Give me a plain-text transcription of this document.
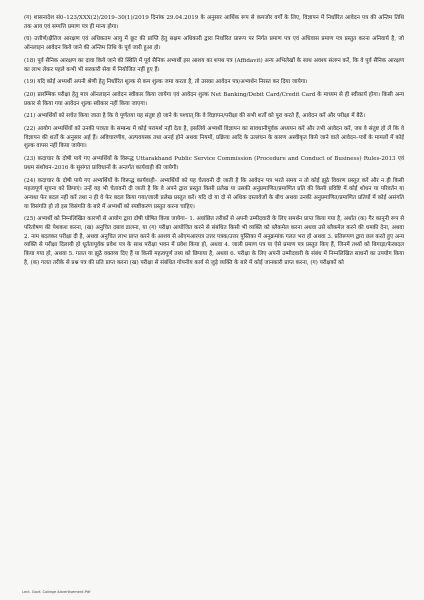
(ग) शासनादेश सं0–123/XXX(2)/2019–30(1)/2019 दिनांक 29.04.2019 के अनुसार आर्थिक रूप से कमजोर वर्गों के लिए, विज्ञापन में निर्धारित आवेदन पत्र की अन्तिम तिथि तक आय एवं सम्पत्ति प्रमाण पत्र ही मान्य होगा।

(घ) उत्तीर्ण/क्षैतिज आरक्षण एवं अधिकतम आयु में छूट की प्राप्ति हेतु सक्षम अधिकारी द्वारा निर्धारित प्रारूप पर निर्गत प्रमाण पत्र एवं अधिवास प्रमाण पत्र प्रस्तुत करना अनिवार्य है, जो ऑनलाइन आवेदन किये जाने की अन्तिम तिथि के पूर्व जारी हुआ हो।

(18) पूर्व सैनिक आरक्षण का दावा किये जाने की स्थिति में पूर्व सैनिक अभ्यर्थी इस आशय का शपथ पत्र (Affidavit) अन्य अभिलेखों के साथ अवश्य संलग्न करें, कि वे पूर्व सैनिक आरक्षण का लाभ लेकर पहले कभी भी सरकारी सेवा में नियोजित नहीं हुए हैं।

(19) यदि कोई अभ्यर्थी अपनी श्रेणी हेतु निर्धारित शुल्क से कम शुल्क जमा करता है, तो उसका आवेदन पत्र/अभ्यर्थन निरस्त कर दिया जायेगा।

(20) प्रारम्भिक परीक्षा हेतु मात्र ऑनलाइन आवेदन स्वीकार किया जायेगा एवं आवेदन शुल्क Net Banking/Debit Card/Credit Card के माध्यम से ही स्वीकार्य होगा। किसी अन्य प्रकार से किया गया आवेदन शुल्क स्वीकार नहीं किया जाएगा।

(21) अभ्यर्थियों को सचेत किया जाता है कि वे पूर्णतया यह संतुष्ट हो जाने के पश्चात् कि वे विज्ञापन/परीक्षा की सभी शर्तों को पूरा करते हैं, आवेदन करें और परीक्षा में बैठें।

(22) आयोग अभ्यर्थियों को उनकी पात्रता के सम्बन्ध में कोई परामर्श नहीं देता है, इसलिये अभ्यर्थी विज्ञापन का सावधानीपूर्वक अध्ययन करें और तभी आवेदन करें, जब वे संतुष्ट हो लें कि वे विज्ञापन की शर्तों के अनुसार अर्ह हैं। अविचारणीय, अल्पवयस्क तथा अनर्ह होने अथवा नियमों, प्रक्रिया आदि के उल्लंघन के कारण अस्वीकृत किये जाने वाले आवेदन–पत्रों के मामलों में कोई शुल्क वापस नहीं किया जायेगा।

(23) कदाचार के दोषी पाये गए अभ्यर्थियों के विरूद्ध Uttarakhand Public Service Commission (Procedure and Conduct of Business) Rules-2013 एवं प्रथम संशोधन–2016 के सुसंगत प्राविधानों के अन्तर्गत कार्यवाही की जायेगी।

(24) कदाचार के दोषी पाये गए अभ्यर्थियों के विरूद्ध कार्यवाही– अभ्यर्थियों को यह चेतावनी दी जाती है कि आवेदन पत्र भरते समय न तो कोई झूठे विवरण प्रस्तुत करें और न ही किसी महत्वपूर्ण सूचना को छिपाएं। उन्हें यह भी चेतावनी दी जाती है कि वे अपने द्वारा प्रस्तुत किसी प्रलेख या उसकी अनुप्रमाणित/प्रमाणित प्रति की किसी प्रविष्टि में कोई शोधन या परिवर्तन या अन्यथा फेर बदल नहीं करें तथा न ही वे फेर बदल किया गया/जाली प्रलेख प्रस्तुत करें। यदि दो या दो से अधिक दस्तावेजों के बीच अथवा उनकी अनुप्रमाणित/प्रमाणित प्रतियों में कोई असंगति या विसंगति हो तो इस विसंगति के बारे में अभ्यर्थी को स्पष्टीकरण प्रस्तुत करना चाहिए।

(25) अभ्यर्थी को निम्नलिखित कारणों से आयोग द्वारा दोषी घोषित किया जायेगा– 1. अवांछित तरीकों से अपनी उम्मीदवारी के लिए समर्थन प्राप्त किया गया है, अर्थात (क) गैर कानूनी रूप से परितोषण की पेशकश करना, (ख) अनुचित दबाव डालना, या (ग) परीक्षा आयोजित करने से संबंधित किसी भी व्यक्ति को ब्लैकमेल करना अथवा उसे ब्लैकमेल करने की धमकी देना, अथवा 2. नाम बदलकर परीक्षा दी है, अथवा अनुचित लाभ प्राप्त करने के आशय से ओएमआरपत्र उत्तर पत्रक/उत्तर पुस्तिका में अनुक्रमांक गलत भरा हो अथवा 3. प्रतिरूपण द्वारा छल करते हुए अन्य व्यक्ति से परीक्षा दिलायी हो धूर्ततापूर्वक प्रवेश पत्र के साथ परीक्षा भवन में प्रवेश किया हो, अथवा 4. जाली प्रमाण पत्र या ऐसे प्रमाण पत्र प्रस्तुत किए हैं, जिनमें तथ्यों को बिगाड़ा/फेरबदल किया गया हो, अथवा 5. गलत या झूठे वक्तव्य दिए हैं या किसी महत्वपूर्ण तथ्य को छिपाया है, अथवा 6. परीक्षा के लिए अपनी उम्मीदवारी के संबंध में निम्नलिखित साधनों का उपयोग किया है, (क) गलत तरीके से प्रश्न पत्र की प्रति प्राप्त करना (ख) परीक्षा से संबंधित गोपनीय कार्य से जुड़े व्यक्ति के बारे में कोई जानकारी प्राप्त करना, (ग) परीक्षकों को

Lect. Govt. College Advertisement.Pdf
